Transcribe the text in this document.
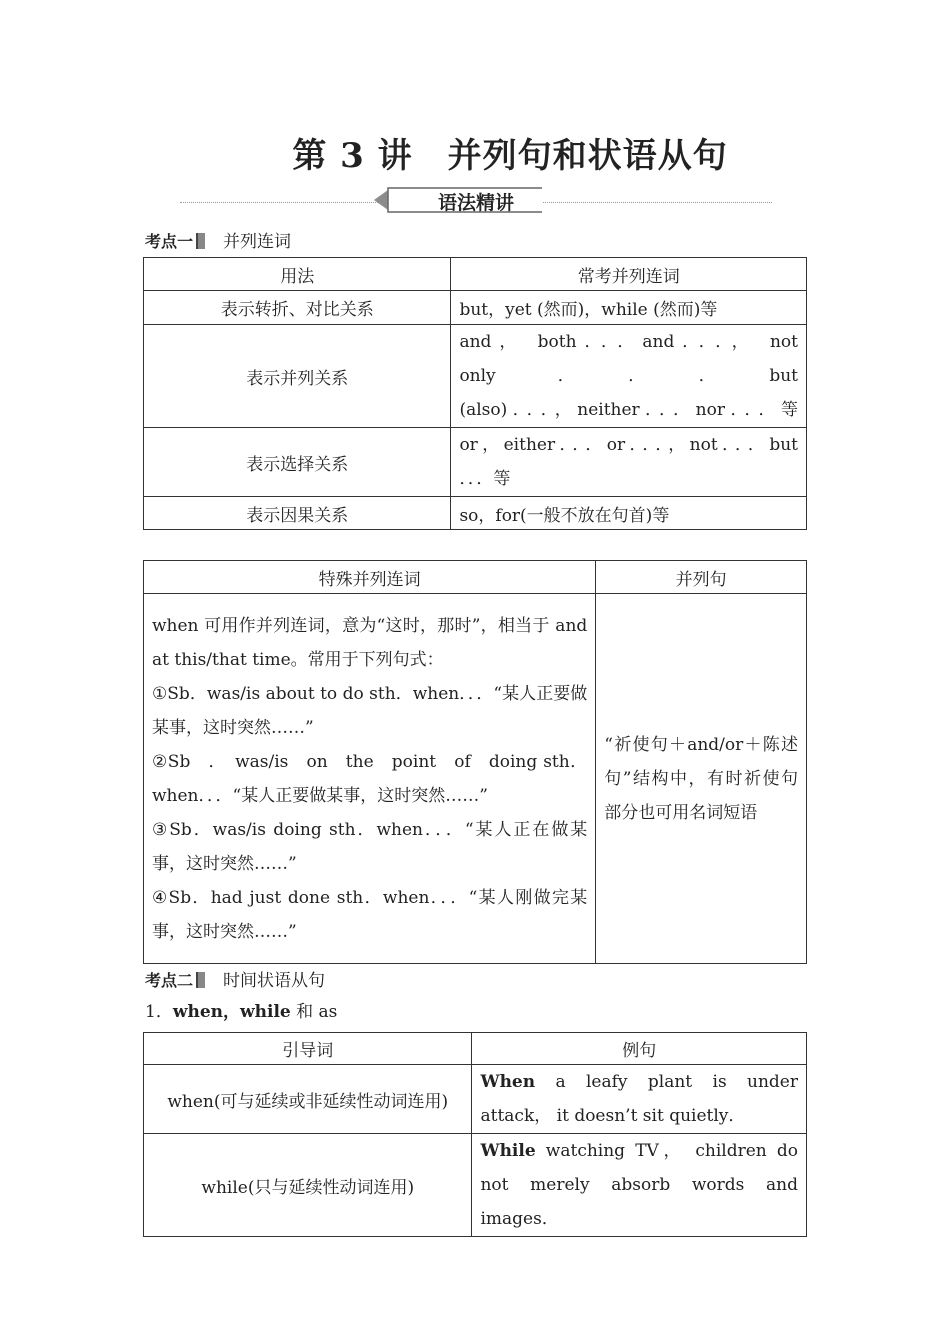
第 3 讲　并列句和状语从句
语法精讲
考点一 并列连词
用法	常考并列连词
表示转折、对比关系	but，yet (然而)，while (然而)等
表示并列关系	and， both．．．and．．．， not
only　．　．　．　but
(also)．．．，neither．．．nor．．．等

表示选择关系	or，either．．．or．．．，not．．．but
．．．等

表示因果关系	so，for(一般不放在句首)等
特殊并列连词	并列句

when 可用作并列连词，意为“这时，那时”，相当于 and at this/that time。常用于下列句式：
①Sb．was/is about to do sth．when．．．“某人正要做某事，这时突然……”
②Sb　．　was/is　on　the　point　of　doing sth．when．．．“某人正要做某事，这时突然……”
③Sb．was/is doing sth．when．．．“某人正在做某事，这时突然……”
④Sb．had just done sth．when．．．“某人刚做完某事，这时突然……”	“祈使句＋and/or＋陈述句”结构中，有时祈使句部分也可用名词短语
考点二 时间状语从句
1．when，while 和 as
引导词	例句
when(可与延续或非延续性动词连用)	When a leafy plant is under attack， it doesn’t sit quietly．
while(只与延续性动词连用)	While watching TV， children do not merely absorb words and images．
